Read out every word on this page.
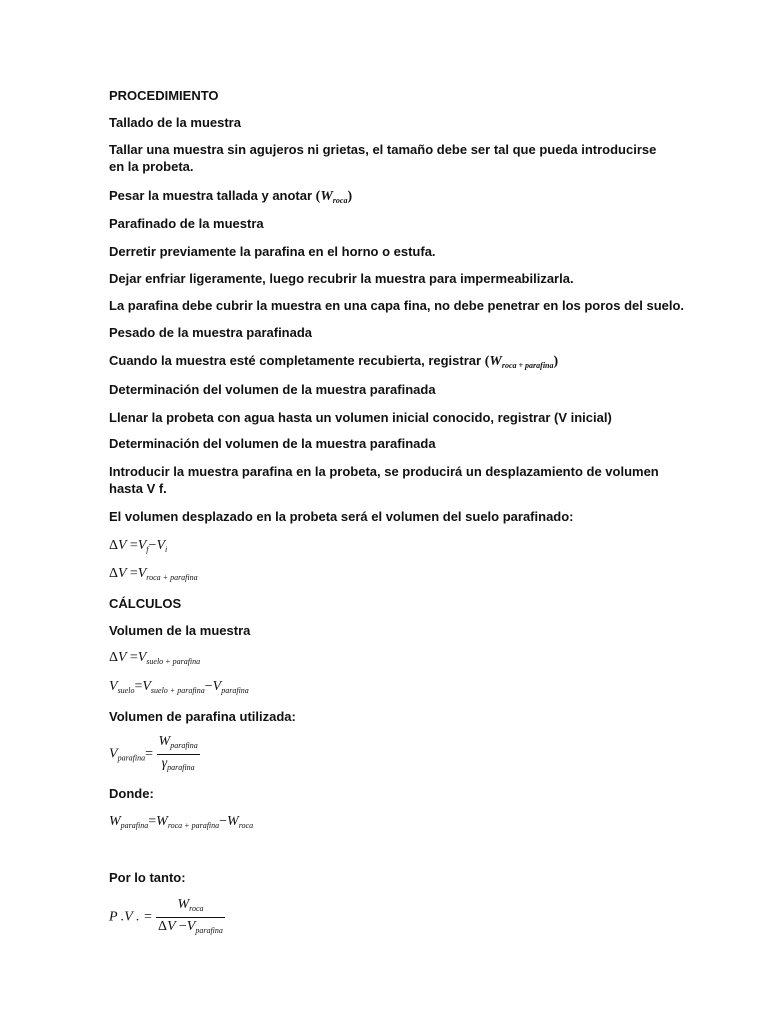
PROCEDIMIENTO

Tallado de la muestra

Tallar una muestra sin agujeros ni grietas, el tamaño debe ser tal que pueda introducirse en la probeta.

Pesar la muestra tallada y anotar $(W_{roca})$

Parafinado de la muestra

Derretir previamente la parafina en el horno o estufa.

Dejar enfriar ligeramente, luego recubrir la muestra para impermeabilizarla.

La parafina debe cubrir la muestra en una capa fina, no debe penetrar en los poros del suelo.

Pesado de la muestra parafinada

Cuando la muestra esté completamente recubierta, registrar $(W_{roca + parafina})$

Determinación del volumen de la muestra parafinada

Llenar la probeta con agua hasta un volumen inicial conocido, registrar (V inicial)

Determinación del volumen de la muestra parafinada

Introducir la muestra parafina en la probeta, se producirá un desplazamiento de volumen hasta V f.

El volumen desplazado en la probeta será el volumen del suelo parafinado:

$\Delta V =V_f-V_i$

$\Delta V =V_{roca + parafina}$

CÁLCULOS

Volumen de la muestra

$\Delta V =V_{suelo + parafina}$

$V_{suelo}=V_{suelo + parafina}-V_{parafina}$

Volumen de parafina utilizada:

$V_{parafina}= \frac{W_{parafina}}{\gamma_{parafina}}$

Donde:

$W_{parafina}=W_{roca + parafina}-W_{roca}$

Por lo tanto:

P .V . = $\frac{W_{roca}}{\Delta V -V_{parafina}}$
